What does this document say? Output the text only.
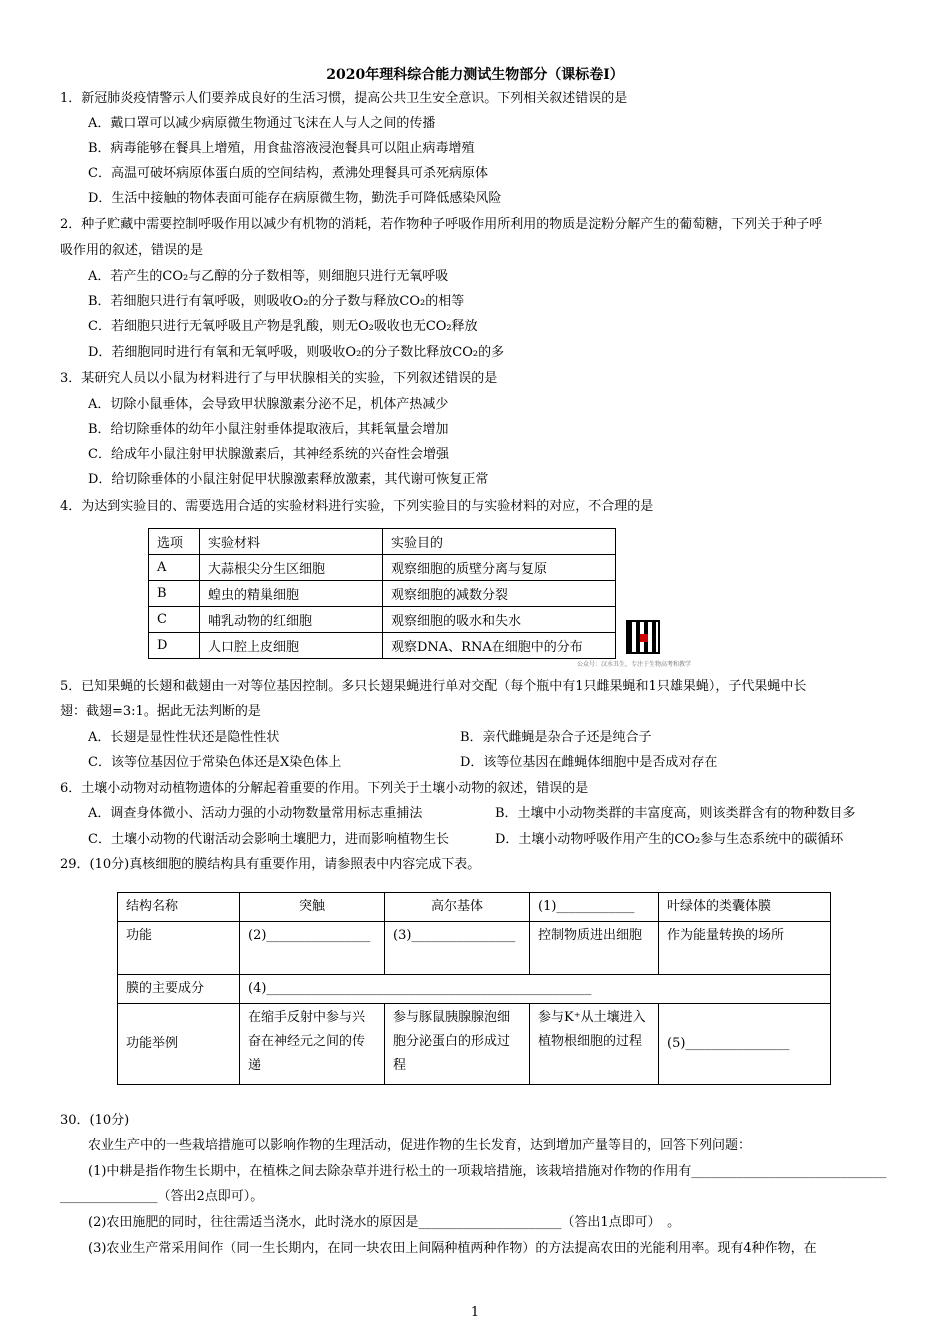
2020年理科综合能力测试生物部分（课标卷Ⅰ）
1．新冠肺炎疫情警示人们要养成良好的生活习惯，提高公共卫生安全意识。下列相关叙述错误的是
A．戴口罩可以减少病原微生物通过飞沫在人与人之间的传播
B．病毒能够在餐具上增殖，用食盐溶液浸泡餐具可以阻止病毒增殖
C．高温可破坏病原体蛋白质的空间结构，煮沸处理餐具可杀死病原体
D．生活中接触的物体表面可能存在病原微生物，勤洗手可降低感染风险
2．种子贮藏中需要控制呼吸作用以减少有机物的消耗，若作物种子呼吸作用所利用的物质是淀粉分解产生的葡萄糖，下列关于种子呼
吸作用的叙述，错误的是
A．若产生的CO₂与乙醇的分子数相等，则细胞只进行无氧呼吸
B．若细胞只进行有氧呼吸，则吸收O₂的分子数与释放CO₂的相等
C．若细胞只进行无氧呼吸且产物是乳酸，则无O₂吸收也无CO₂释放
D．若细胞同时进行有氧和无氧呼吸，则吸收O₂的分子数比释放CO₂的多
3．某研究人员以小鼠为材料进行了与甲状腺相关的实验，下列叙述错误的是
A．切除小鼠垂体，会导致甲状腺激素分泌不足，机体产热减少
B．给切除垂体的幼年小鼠注射垂体提取液后，其耗氧量会增加
C．给成年小鼠注射甲状腺激素后，其神经系统的兴奋性会增强
D．给切除垂体的小鼠注射促甲状腺激素释放激素，其代谢可恢复正常
4．为达到实验目的、需要选用合适的实验材料进行实验，下列实验目的与实验材料的对应，不合理的是
选项	实验材料	实验目的
A	大蒜根尖分生区细胞	观察细胞的质壁分离与复原
B	蝗虫的精巢细胞	观察细胞的减数分裂
C	哺乳动物的红细胞	观察细胞的吸水和失水
D	人口腔上皮细胞	观察DNA、RNA在细胞中的分布
公众号：汉水丑生，专注于生物高考和教学
5．已知果蝇的长翅和截翅由一对等位基因控制。多只长翅果蝇进行单对交配（每个瓶中有1只雌果蝇和1只雄果蝇），子代果蝇中长
翅：截翅=3:1。据此无法判断的是
A．长翅是显性性状还是隐性性状	B．亲代雌蝇是杂合子还是纯合子
C．该等位基因位于常染色体还是X染色体上	D．该等位基因在雌蝇体细胞中是否成对存在
6．土壤小动物对动植物遗体的分解起着重要的作用。下列关于土壤小动物的叙述，错误的是
A．调查身体微小、活动力强的小动物数量常用标志重捕法	B．土壤中小动物类群的丰富度高，则该类群含有的物种数目多
C．土壤小动物的代谢活动会影响土壤肥力，进而影响植物生长	D．土壤小动物呼吸作用产生的CO₂参与生态系统中的碳循环
29．(10分)真核细胞的膜结构具有重要作用，请参照表中内容完成下表。
结构名称	突触	高尔基体	(1)____________	叶绿体的类囊体膜
功能	(2)________________	(3)________________	控制物质进出细胞	作为能量转换的场所
膜的主要成分	(4)__________________________________________________			
功能举例	在缩手反射中参与兴奋在神经元之间的传递	参与豚鼠胰腺腺泡细胞分泌蛋白的形成过程	参与K⁺从土壤进入植物根细胞的过程	(5)________________
30．(10分)
农业生产中的一些栽培措施可以影响作物的生理活动，促进作物的生长发育，达到增加产量等目的，回答下列问题：
(1)中耕是指作物生长期中，在植株之间去除杂草并进行松土的一项栽培措施，该栽培措施对作物的作用有______________________________
_______________（答出2点即可）。
(2)农田施肥的同时，往往需适当浇水，此时浇水的原因是______________________（答出1点即可）　。
(3)农业生产常采用间作（同一生长期内，在同一块农田上间隔种植两种作物）的方法提高农田的光能利用率。现有4种作物，在
1
